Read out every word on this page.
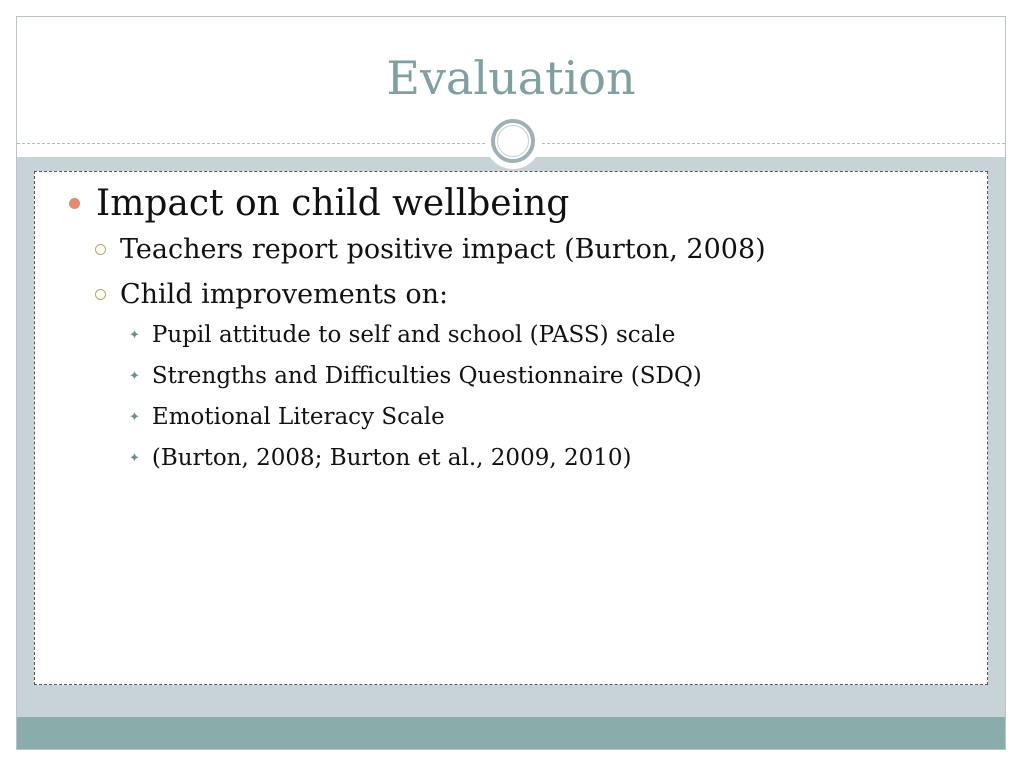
Evaluation
Impact on child wellbeing
Teachers report positive impact (Burton, 2008)
Child improvements on:
✦ Pupil attitude to self and school (PASS) scale
✦ Strengths and Difficulties Questionnaire (SDQ)
✦ Emotional Literacy Scale
✦ (Burton, 2008; Burton et al., 2009, 2010)
